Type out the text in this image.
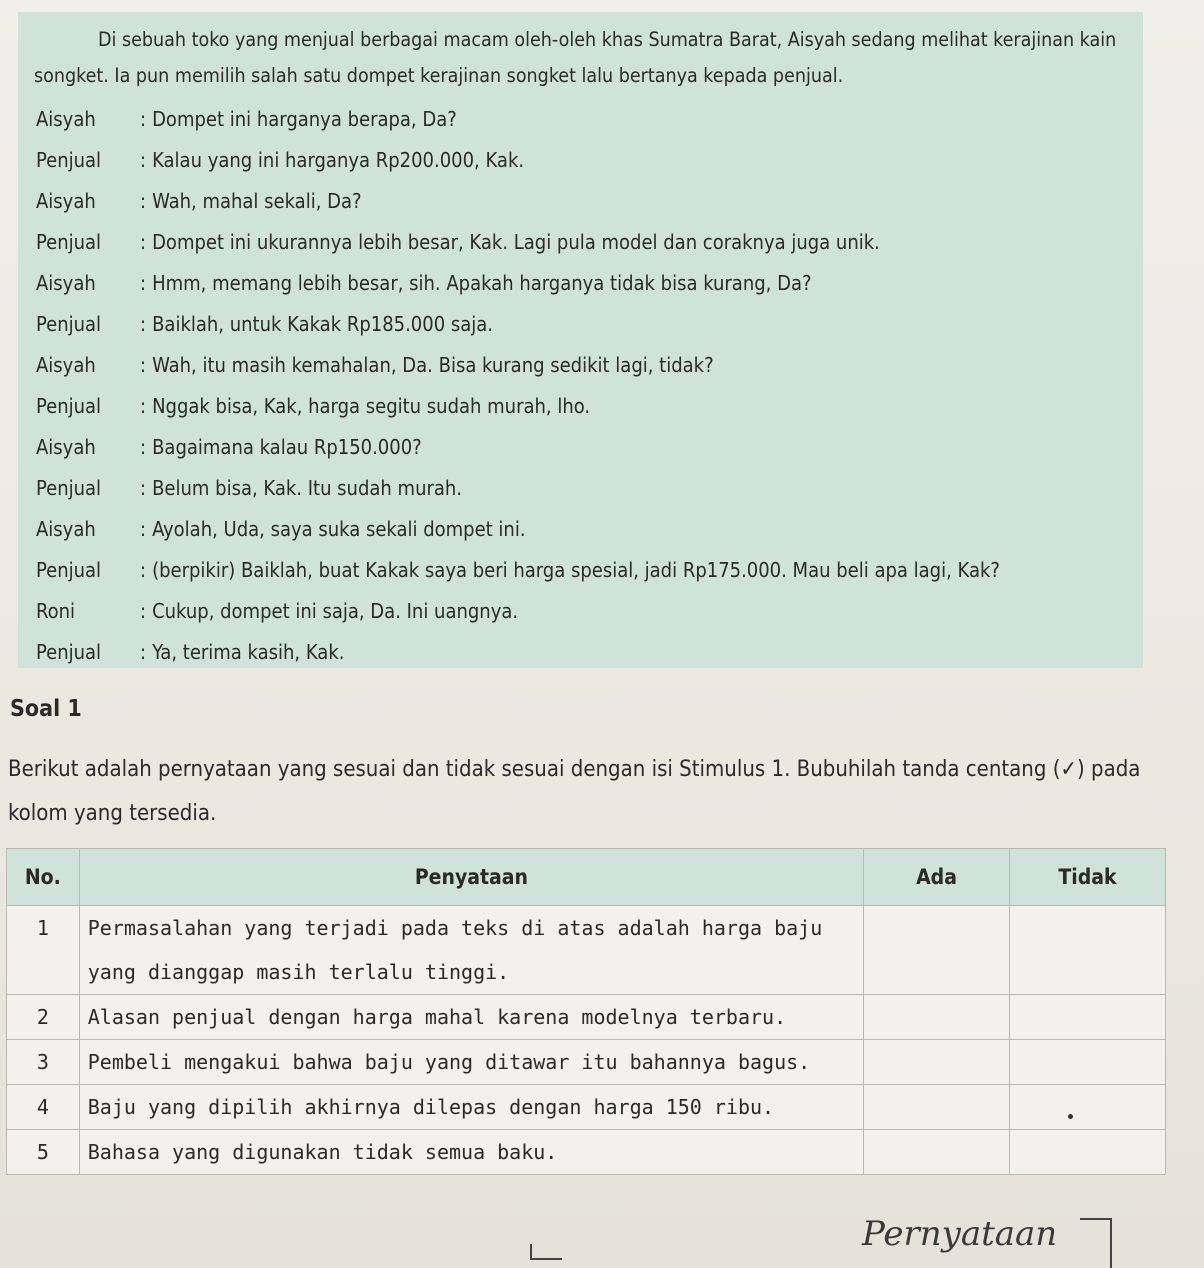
Di sebuah toko yang menjual berbagai macam oleh-oleh khas Sumatra Barat, Aisyah sedang melihat kerajinan kain songket. Ia pun memilih salah satu dompet kerajinan songket lalu bertanya kepada penjual.

Aisyah	: Dompet ini harganya berapa, Da?
Penjual	: Kalau yang ini harganya Rp200.000, Kak.
Aisyah	: Wah, mahal sekali, Da?
Penjual	: Dompet ini ukurannya lebih besar, Kak. Lagi pula model dan coraknya juga unik.
Aisyah	: Hmm, memang lebih besar, sih. Apakah harganya tidak bisa kurang, Da?
Penjual	: Baiklah, untuk Kakak Rp185.000 saja.
Aisyah	: Wah, itu masih kemahalan, Da. Bisa kurang sedikit lagi, tidak?
Penjual	: Nggak bisa, Kak, harga segitu sudah murah, lho.
Aisyah	: Bagaimana kalau Rp150.000?
Penjual	: Belum bisa, Kak. Itu sudah murah.
Aisyah	: Ayolah, Uda, saya suka sekali dompet ini.
Penjual	: (berpikir) Baiklah, buat Kakak saya beri harga spesial, jadi Rp175.000. Mau beli apa lagi, Kak?
Roni	: Cukup, dompet ini saja, Da. Ini uangnya.
Penjual	: Ya, terima kasih, Kak.
Soal 1
Berikut adalah pernyataan yang sesuai dan tidak sesuai dengan isi Stimulus 1. Bubuhilah tanda centang (✓) pada kolom yang tersedia.
No.	Penyataan	Ada	Tidak
1	Permasalahan yang terjadi pada teks di atas adalah harga baju yang dianggap masih terlalu tinggi.		
2	Alasan penjual dengan harga mahal karena modelnya terbaru.		
3	Pembeli mengakui bahwa baju yang ditawar itu bahannya bagus.		
4	Baju yang dipilih akhirnya dilepas dengan harga 150 ribu.		
5	Bahasa yang digunakan tidak semua baku.		
Pernyataan
